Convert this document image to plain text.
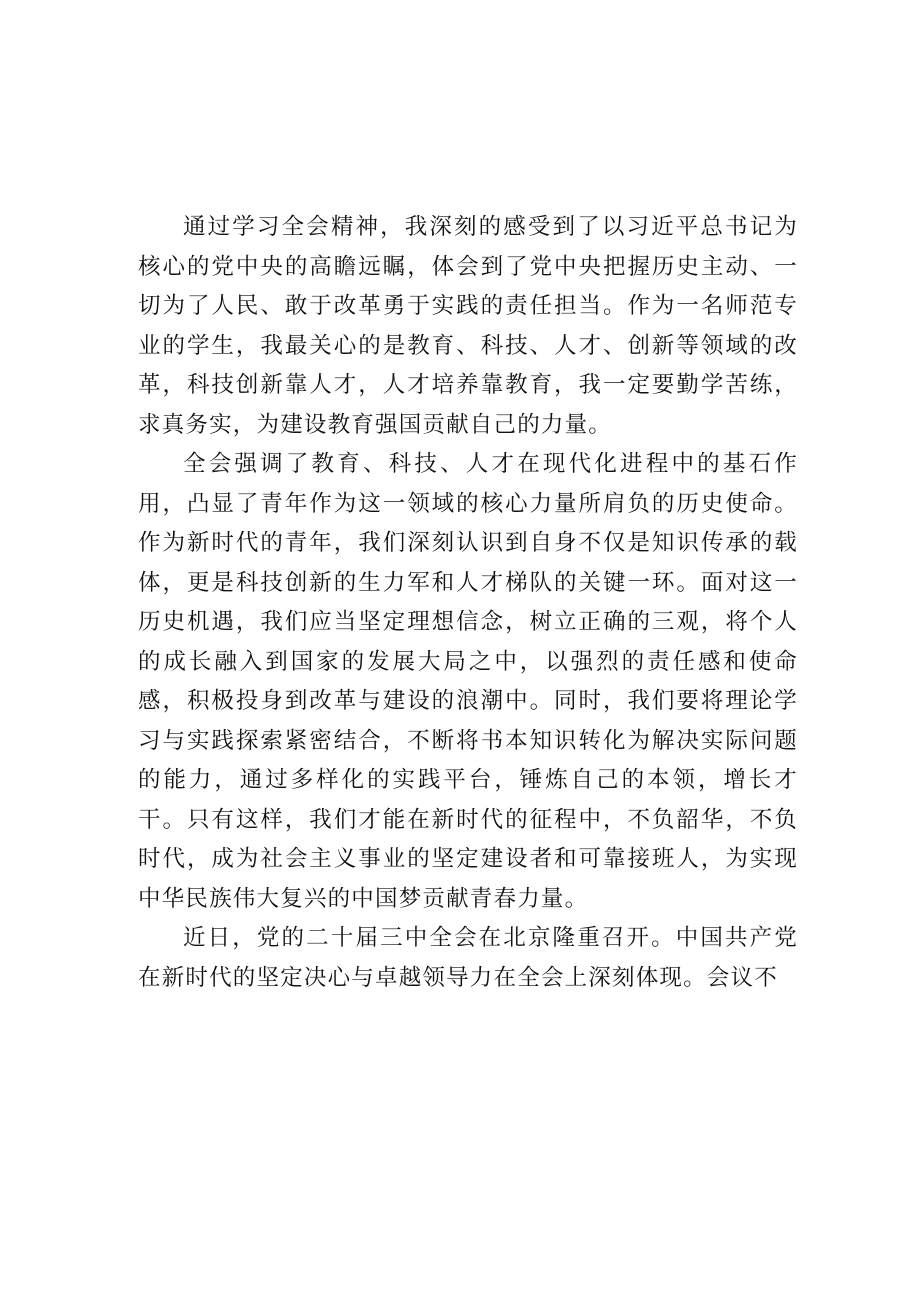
通过学习全会精神，我深刻的感受到了以习近平总书记为核心的党中央的高瞻远瞩，体会到了党中央把握历史主动、一切为了人民、敢于改革勇于实践的责任担当。作为一名师范专业的学生，我最关心的是教育、科技、人才、创新等领域的改革，科技创新靠人才，人才培养靠教育，我一定要勤学苦练，求真务实，为建设教育强国贡献自己的力量。

全会强调了教育、科技、人才在现代化进程中的基石作用，凸显了青年作为这一领域的核心力量所肩负的历史使命。作为新时代的青年，我们深刻认识到自身不仅是知识传承的载体，更是科技创新的生力军和人才梯队的关键一环。面对这一历史机遇，我们应当坚定理想信念，树立正确的三观，将个人的成长融入到国家的发展大局之中，以强烈的责任感和使命感，积极投身到改革与建设的浪潮中。同时，我们要将理论学习与实践探索紧密结合，不断将书本知识转化为解决实际问题的能力，通过多样化的实践平台，锤炼自己的本领，增长才干。只有这样，我们才能在新时代的征程中，不负韶华，不负时代，成为社会主义事业的坚定建设者和可靠接班人，为实现中华民族伟大复兴的中国梦贡献青春力量。

近日，党的二十届三中全会在北京隆重召开。中国共产党在新时代的坚定决心与卓越领导力在全会上深刻体现。会议不
